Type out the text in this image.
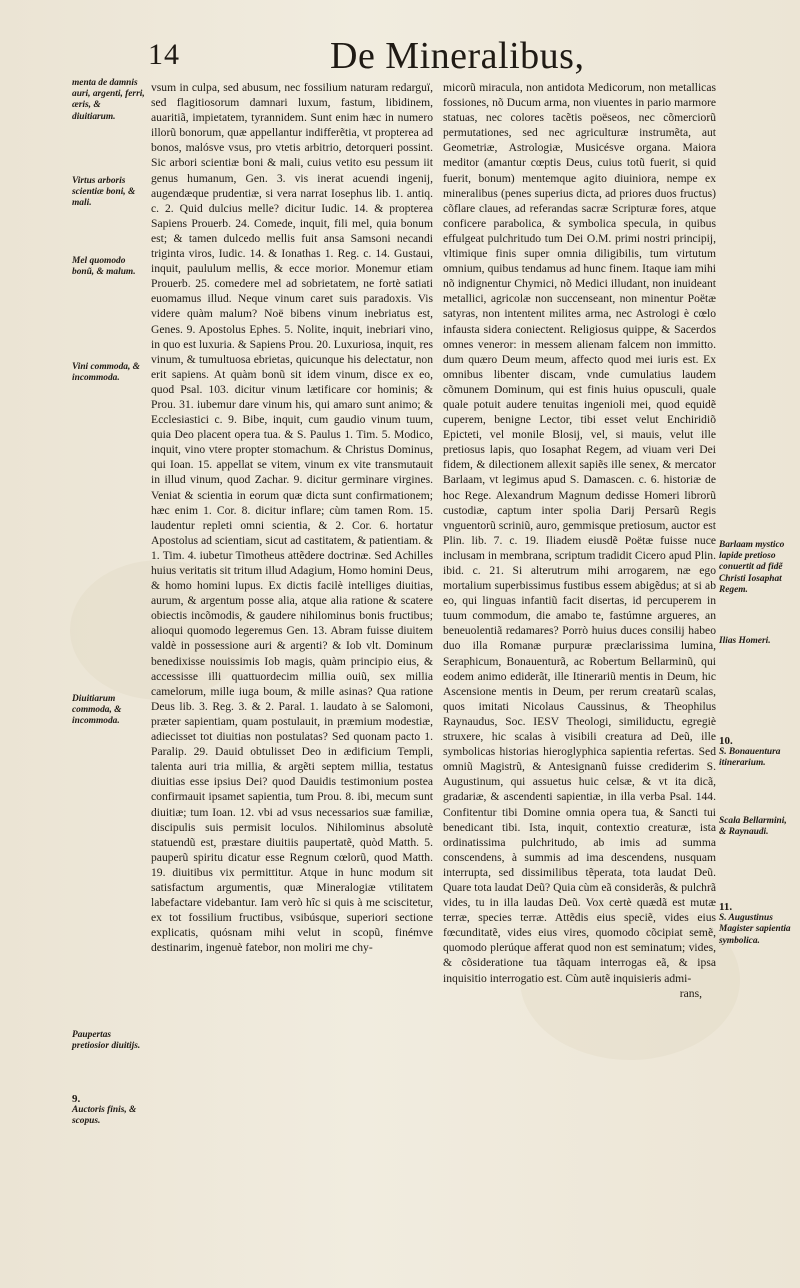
14	De Mineralibus,

vsum in culpa, sed abusum, nec fossilium naturam redarguï, sed flagitiosorum damnari luxum, fastum, libidinem, auaritiã, impietatem, tyrannidem. Sunt enim hæc in numero illorũ bonorum, quæ appellantur indifferẽtia, vt propterea ad bonos, malósve vsus, pro vtetis arbitrio, detorqueri possint. Sic arbori scientiæ boni & mali, cuius vetito esu pessum iit genus humanum, Gen. 3. vis inerat acuendi ingenij, augendæque prudentiæ, si vera narrat Iosephus lib. 1. antiq. c. 2. Quid dulcius melle? dicitur Iudic. 14. & propterea Sapiens Prouerb. 24. Comede, inquit, fili mel, quia bonum est; & tamen dulcedo mellis fuit ansa Samsoni necandi triginta viros, Iudic. 14. & Ionathas 1. Reg. c. 14. Gustaui, inquit, paululum mellis, & ecce morior. Monemur etiam Prouerb. 25. comedere mel ad sobrietatem, ne fortè satiati euomamus illud. Neque vinum caret suis paradoxis. Vis videre quàm malum? Noë bibens vinum inebriatus est, Genes. 9. Apostolus Ephes. 5. Nolite, inquit, inebriari vino, in quo est luxuria. & Sapiens Prou. 20. Luxuriosa, inquit, res vinum, & tumultuosa ebrietas, quicunque his delectatur, non erit sapiens. At quàm bonũ sit idem vinum, disce ex eo, quod Psal. 103. dicitur vinum lætificare cor hominis; & Prou. 31. iubemur dare vinum his, qui amaro sunt animo; & Ecclesiastici c. 9. Bibe, inquit, cum gaudio vinum tuum, quia Deo placent opera tua. & S. Paulus 1. Tim. 5. Modico, inquit, vino vtere propter stomachum. & Christus Dominus, qui Ioan. 15. appellat se vitem, vinum ex vite transmutauit in illud vinum, quod Zachar. 9. dicitur germinare virgines. Veniat & scientia in eorum quæ dicta sunt confirmationem; hæc enim 1. Cor. 8. dicitur inflare; cùm tamen Rom. 15. laudentur repleti omni scientia, & 2. Cor. 6. hortatur Apostolus ad scientiam, sicut ad castitatem, & patientiam. & 1. Tim. 4. iubetur Timotheus attẽdere doctrinæ. Sed Achilles huius veritatis sit tritum illud Adagium, Homo homini Deus, & homo homini lupus. Ex dictis facilè intelliges diuitias, aurum, & argentum posse alia, atque alia ratione & scatere obiectis incõmodis, & gaudere nihilominus bonis fructibus; alioqui quomodo legeremus Gen. 13. Abram fuisse diuitem valdè in possessione auri & argenti? & Iob vlt. Dominum benedixisse nouissimis Iob magis, quàm principio eius, & accessisse illi quattuordecim millia ouiũ, sex millia camelorum, mille iuga boum, & mille asinas? Qua ratione Deus lib. 3. Reg. 3. & 2. Paral. 1. laudato à se Salomoni, præter sapientiam, quam postulauit, in præmium modestiæ, adiecisset tot diuitias non postulatas? Sed quonam pacto 1. Paralip. 29. Dauid obtulisset Deo in ædificium Templi, talenta auri tria millia, & argẽti septem millia, testatus diuitias esse ipsius Dei? quod Dauidis testimonium postea confirmauit ipsamet sapientia, tum Prou. 8. ibi, mecum sunt diuitiæ; tum Ioan. 12. vbi ad vsus necessarios suæ familiæ, discipulis suis permisit loculos. Nihilominus absolutè statuendũ est, præstare diuitiis paupertatẽ, quòd Matth. 5. pauperũ spiritu dicatur esse Regnum cœlorũ, quod Matth. 19. diuitibus vix permittitur. Atque in hunc modum sit satisfactum argumentis, quæ Mineralogiæ vtilitatem labefactare videbantur. Iam verò hîc si quis à me sciscitetur, ex tot fossilium fructibus, vsibúsque, superiori sectione explicatis, quósnam mihi velut in scopũ, finémve destinarim, ingenuè fatebor, non moliri me chy-

micorũ miracula, non antidota Medicorum, non metallicas fossiones, nõ Ducum arma, non viuentes in pario marmore statuas, nec colores tacẽtis poëseos, nec cõmerciorũ permutationes, sed nec agriculturæ instrumẽta, aut Geometriæ, Astrologiæ, Musicésve organa. Maiora meditor (amantur cœptis Deus, cuius totũ fuerit, si quid fuerit, bonum) mentemque agito diuiniora, nempe ex mineralibus (penes superius dicta, ad priores duos fructus) cõflare claues, ad referandas sacræ Scripturæ fores, atque conficere parabolica, & symbolica specula, in quibus effulgeat pulchritudo tum Dei O.M. primi nostri principij, vltimique finis super omnia diligibilis, tum virtutum omnium, quibus tendamus ad hunc finem. Itaque iam mihi nõ indignentur Chymici, nõ Medici illudant, non inuideant metallici, agricolæ non succenseant, non minentur Poëtæ satyras, non intentent milites arma, nec Astrologi è cœlo infausta sidera coniectent. Religiosus quippe, & Sacerdos omnes veneror: in messem alienam falcem non immitto. dum quæro Deum meum, affecto quod mei iuris est. Ex omnibus libenter discam, vnde cumulatius laudem cõmunem Dominum, qui est finis huius opusculi, quale quale potuit audere tenuitas ingenioli mei, quod equidẽ cuperem, benigne Lector, tibi esset velut Enchiridiõ Epicteti, vel monile Blosij, vel, si mauis, velut ille pretiosus lapis, quo Iosaphat Regem, ad viuam veri Dei fidem, & dilectionem allexit sapiẽs ille senex, & mercator Barlaam, vt legimus apud S. Damascen. c. 6. historiæ de hoc Rege. Alexandrum Magnum dedisse Homeri librorũ custodiæ, captum inter spolia Darij Persarũ Regis vnguentorũ scriniũ, auro, gemmisque pretiosum, auctor est Plin. lib. 7. c. 19. Iliadem eiusdẽ Poëtæ fuisse nuce inclusam in membrana, scriptum tradidit Cicero apud Plin. ibid. c. 21. Si alterutrum mihi arrogarem, næ ego mortalium superbissimus fustibus essem abigẽdus; at si ab eo, qui linguas infantiũ facit disertas, id percuperem in tuum commodum, die amabo te, fastúmne argueres, an beneuolentiã redamares? Porrò huius duces consilij habeo duo illa Romanæ purpuræ præclarissima lumina, Seraphicum, Bonauenturã, ac Robertum Bellarminũ, qui eodem animo ediderãt, ille Itinerariũ mentis in Deum, hic Ascensione mentis in Deum, per rerum creatarũ scalas, quos imitati Nicolaus Caussinus, & Theophilus Raynaudus, Soc. IESV Theologi, similiductu, egregiè struxere, hic scalas à visibili creatura ad Deũ, ille symbolicas historias hieroglyphica sapientia refertas. Sed omniũ Magistrũ, & Antesignanũ fuisse crediderim S. Augustinum, qui assuetus huic celsæ, & vt ita dicã, gradariæ, & ascendenti sapientiæ, in illa verba Psal. 144. Confitentur tibi Domine omnia opera tua, & Sancti tui benedicant tibi. Ista, inquit, contextio creaturæ, ista ordinatissima pulchritudo, ab imis ad summa conscendens, à summis ad ima descendens, nusquam interrupta, sed dissimilibus tẽperata, tota laudat Deũ. Quare tota laudat Deũ? Quia cùm eã considerãs, & pulchrã vides, tu in illa laudas Deũ. Vox certè quædã est mutæ terræ, species terræ. Attẽdis eius speciẽ, vides eius fœcunditatẽ, vides eius vires, quomodo cõcipiat semẽ, quomodo plerúque afferat quod non est seminatum; vides, & cõsideratione tua tãquam interrogas eã, & ipsa inquisitio interrogatio est. Cùm autẽ inquisieris admi-

rans,

menta de damnis auri, argenti, ferri, æris, & diuitiarum.
Virtus arboris scientiæ boni, & mali.
Mel quomodo bonũ, & malum.
Vini commoda, & incommoda.
Diuitiarum commoda, & incommoda.
Paupertas pretiosior diuitijs.
9.
Auctoris finis, & scopus.
Barlaam mystico lapide pretioso conuertit ad fidẽ Christi Iosaphat Regem.
Ilias Homeri.
10.
S. Bonauentura itinerarium.
Scala Bellarmini, & Raynaudi.
11.
S. Augustinus Magister sapientia symbolica.
